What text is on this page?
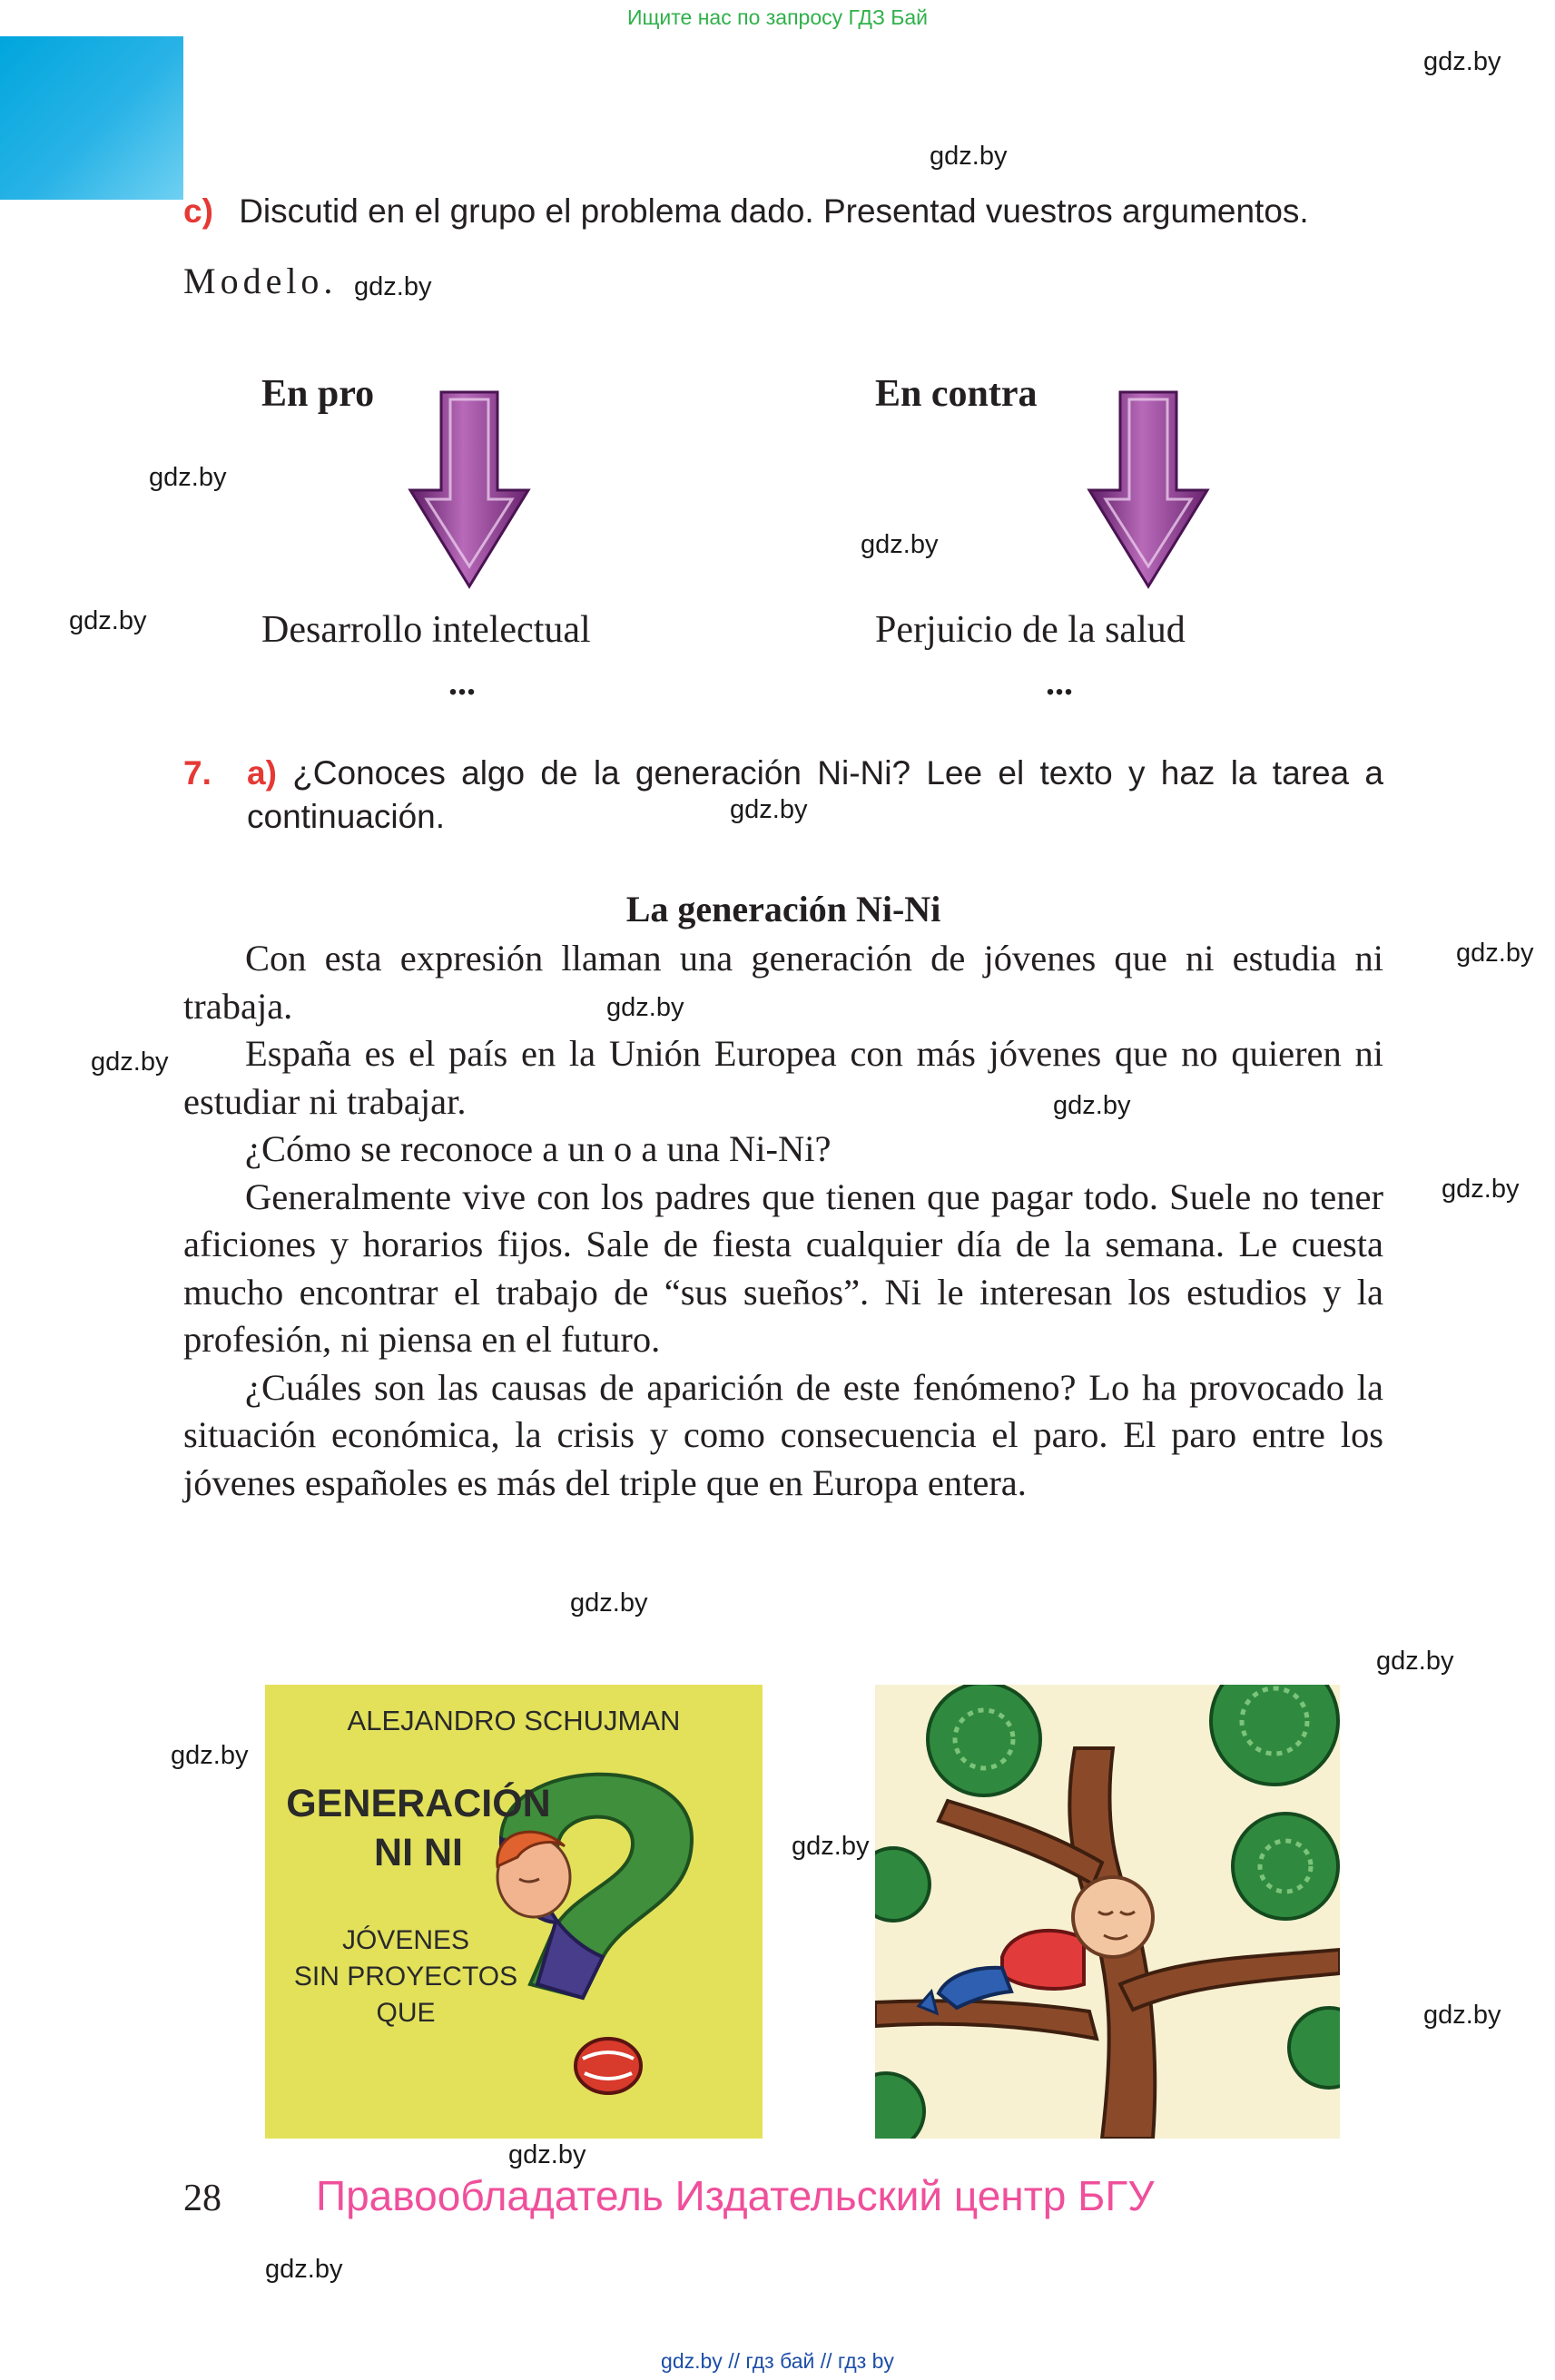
Ищите нас по запросу ГДЗ Бай
gdz.by
gdz.by
gdz.by
gdz.by
gdz.by
gdz.by
gdz.by
gdz.by
gdz.by
gdz.by
gdz.by
gdz.by
gdz.by
gdz.by
gdz.by
gdz.by
gdz.by
gdz.by
gdz.by
c) Discutid en el grupo el problema dado. Presentad vuestros argumentos.
Modelo.
En pro	En contra
Desarrollo intelectual	Perjuicio de la salud
...	...
7. a) ¿Conoces algo de la generación Ni-Ni? Lee el texto y haz la tarea a continuación.
La generación Ni-Ni

Con esta expresión llaman una generación de jóvenes que ni estudia ni trabaja.

España es el país en la Unión Europea con más jóvenes que no quieren ni estudiar ni trabajar.

¿Cómo se reconoce a un o a una Ni-Ni?

Generalmente vive con los padres que tienen que pagar todo. Suele no tener aficiones y horarios fijos. Sale de fiesta cualquier día de la semana. Le cuesta mucho encontrar el trabajo de “sus sueños”. Ni le interesan los estudios y la profesión, ni piensa en el futuro.

¿Cuáles son las causas de aparición de este fenómeno? Lo ha provocado la situación económica, la crisis y como consecuencia el paro. El paro entre los jóvenes españoles es más del triple que en Europa entera.

ALEJANDRO SCHUJMAN
GENERACIÓN
NI NI
JÓVENES
SIN PROYECTOS QUE
28 Правообладатель Издательский центр БГУ
gdz.by // гдз бай // гдз by
